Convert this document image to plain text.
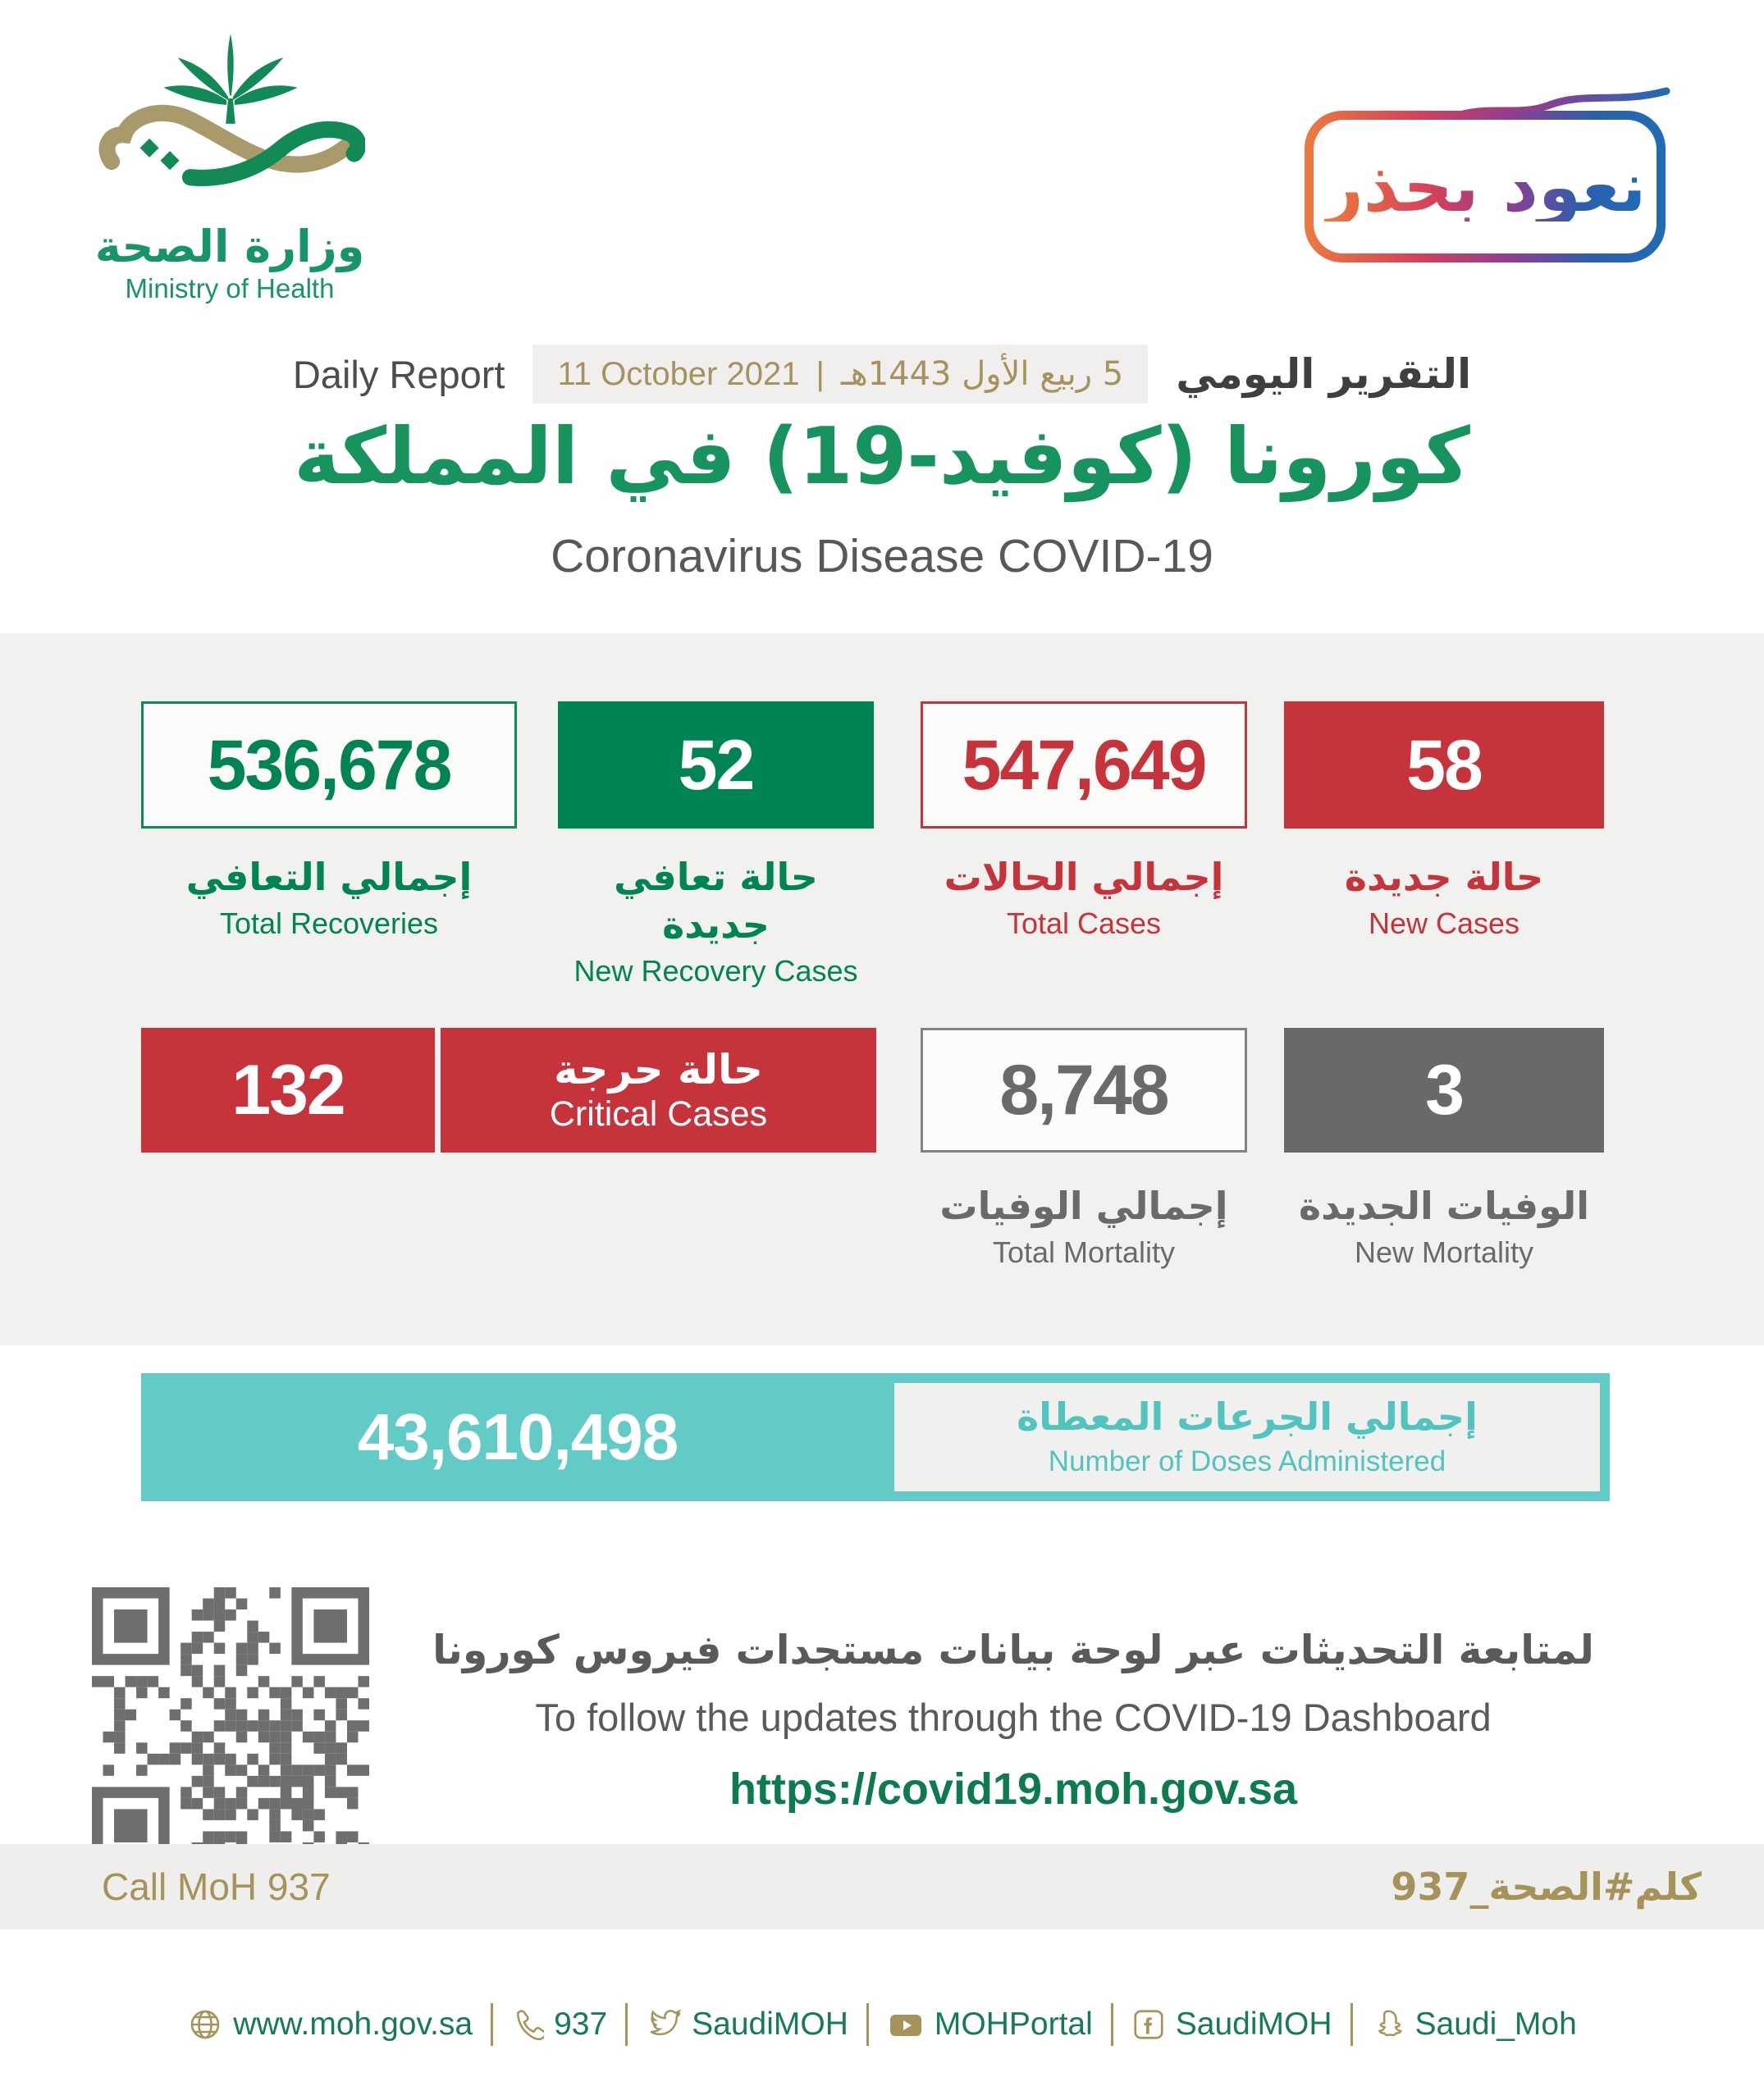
وزارة الصحة
Ministry of Health
نعود بحذر
Daily Report 11 October 2021 | 5 ربيع الأول 1443هـ التقرير اليومي
كورونا (كوفيد-19) في المملكة
Coronavirus Disease COVID-19
536,678
إجمالي التعافي
Total Recoveries
52
حالة تعافي جديدة
New Recovery Cases
547,649
إجمالي الحالات
Total Cases
58
حالة جديدة
New Cases
132	حالة حرجة
Critical Cases	8,748
إجمالي الوفيات
Total Mortality
3
الوفيات الجديدة
New Mortality
43,610,498	إجمالي الجرعات المعطاة
Number of Doses Administered
لمتابعة التحديثات عبر لوحة بيانات مستجدات فيروس كورونا
To follow the updates through the COVID-19 Dashboard
https://covid19.moh.gov.sa
Call MoH 937	كلم#الصحة_937
www.moh.gov.sa	937	SaudiMOH	MOHPortal	SaudiMOH	Saudi_Moh
